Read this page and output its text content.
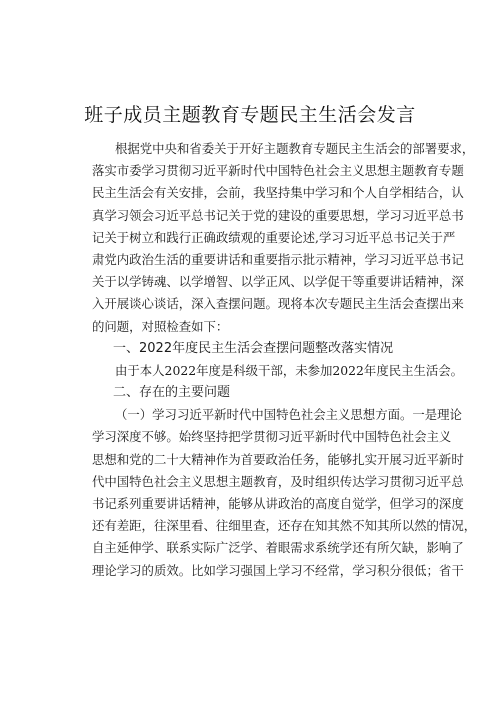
班子成员主题教育专题民主生活会发言
根据党中央和省委关于开好主题教育专题民主生活会的部署要求，
落实市委学习贯彻习近平新时代中国特色社会主义思想主题教育专题
民主生活会有关安排，会前，我坚持集中学习和个人自学相结合，认
真学习领会习近平总书记关于党的建设的重要思想，学习习近平总书
记关于树立和践行正确政绩观的重要论述,学习习近平总书记关于严
肃党内政治生活的重要讲话和重要指示批示精神，学习习近平总书记
关于以学铸魂、以学增智、以学正风、以学促干等重要讲话精神，深
入开展谈心谈话，深入查摆问题。现将本次专题民主生活会查摆出来
的问题，对照检查如下：
一、2022年度民主生活会查摆问题整改落实情况
由于本人2022年度是科级干部，未参加2022年度民主生活会。
二、存在的主要问题
（一）学习习近平新时代中国特色社会主义思想方面。一是理论
学习深度不够。始终坚持把学贯彻习近平新时代中国特色社会主义
思想和党的二十大精神作为首要政治任务，能够扎实开展习近平新时
代中国特色社会主义思想主题教育，及时组织传达学习贯彻习近平总
书记系列重要讲话精神，能够从讲政治的高度自觉学，但学习的深度
还有差距，往深里看、往细里查，还存在知其然不知其所以然的情况，
自主延伸学、联系实际广泛学、着眼需求系统学还有所欠缺，影响了
理论学习的质效。比如学习强国上学习不经常，学习积分很低；省干
